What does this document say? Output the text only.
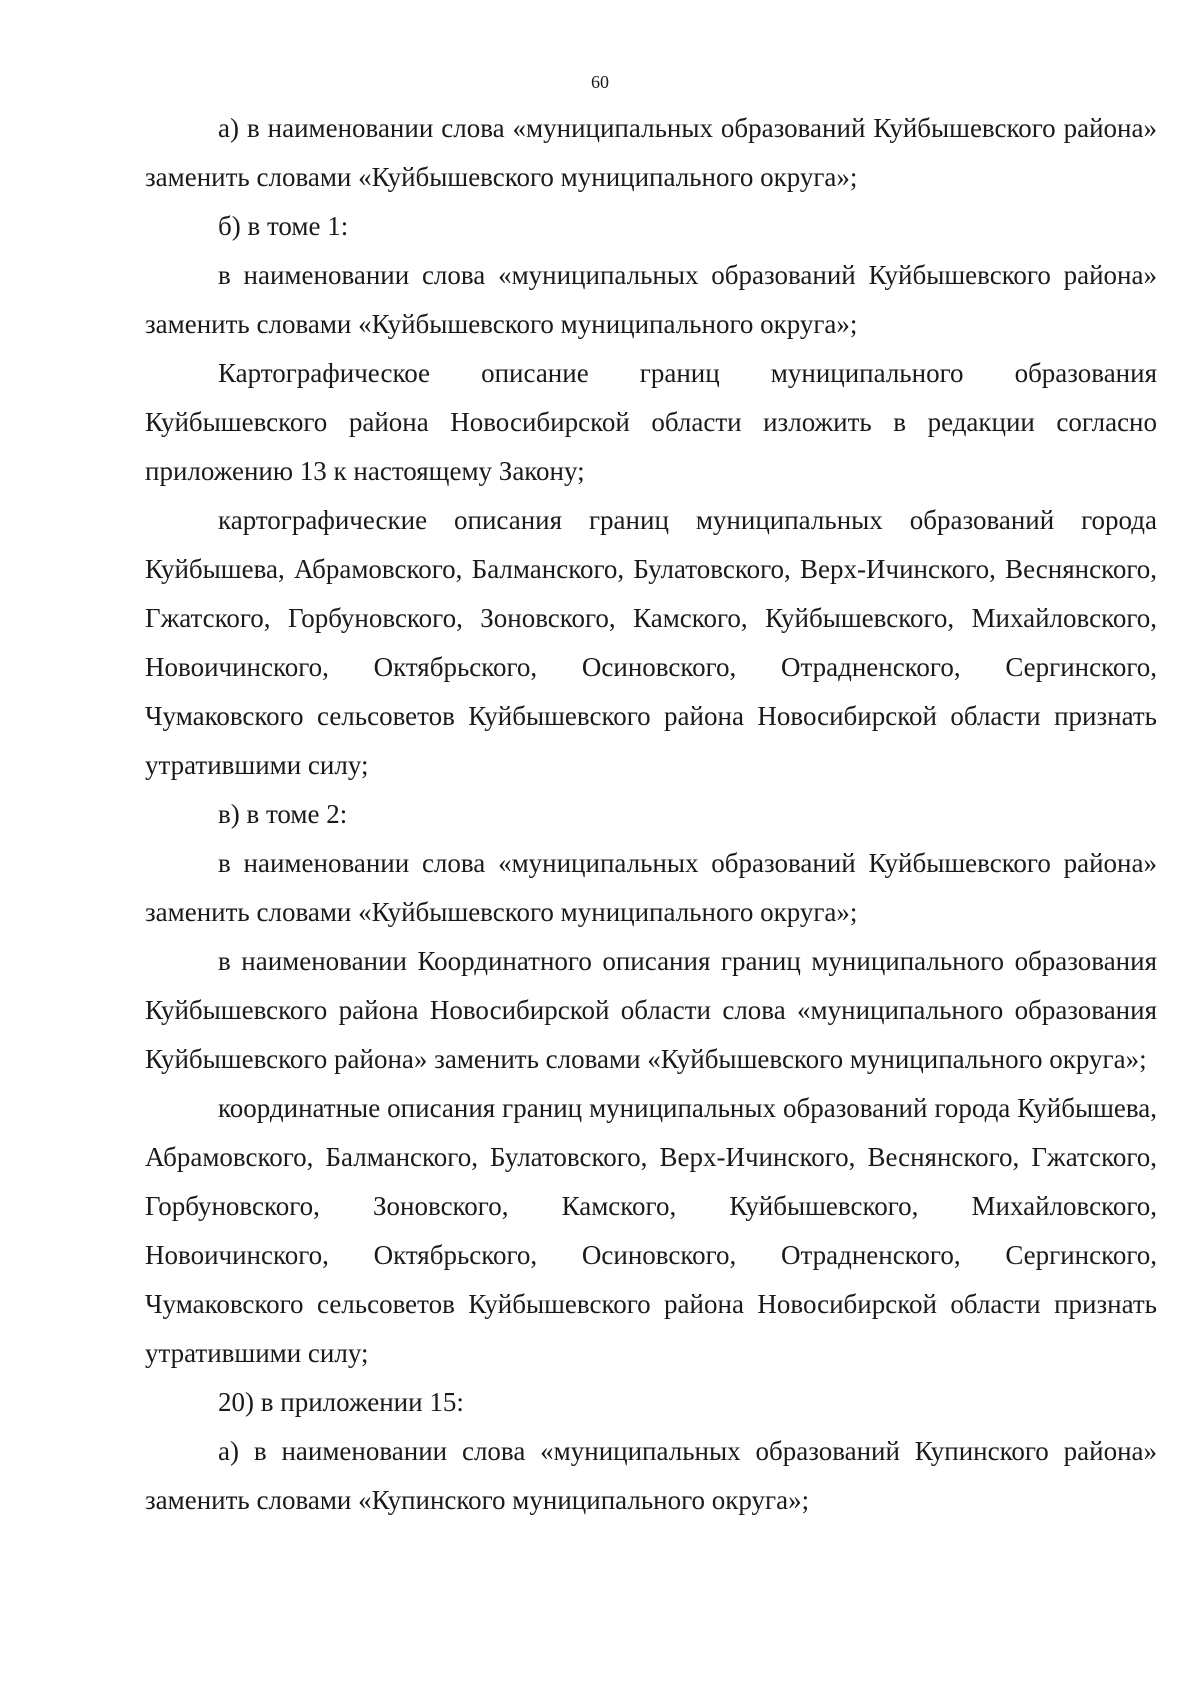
60

а) в наименовании слова «муниципальных образований Куйбышевского района» заменить словами «Куйбышевского муниципального округа»;

б) в томе 1:

в наименовании слова «муниципальных образований Куйбышевского района» заменить словами «Куйбышевского муниципального округа»;

Картографическое описание границ муниципального образования Куйбышевского района Новосибирской области изложить в редакции согласно приложению 13 к настоящему Закону;

картографические описания границ муниципальных образований города Куйбышева, Абрамовского, Балманского, Булатовского, Верх-Ичинского, Веснянского, Гжатского, Горбуновского, Зоновского, Камского, Куйбышевского, Михайловского, Новоичинского, Октябрьского, Осиновского, Отрадненского, Сергинского, Чумаковского сельсоветов Куйбышевского района Новосибирской области признать утратившими силу;

в) в томе 2:

в наименовании слова «муниципальных образований Куйбышевского района» заменить словами «Куйбышевского муниципального округа»;

в наименовании Координатного описания границ муниципального образования Куйбышевского района Новосибирской области слова «муниципального образования Куйбышевского района» заменить словами «Куйбышевского муниципального округа»;

координатные описания границ муниципальных образований города Куйбышева, Абрамовского, Балманского, Булатовского, Верх-Ичинского, Веснянского, Гжатского, Горбуновского, Зоновского, Камского, Куйбышевского, Михайловского, Новоичинского, Октябрьского, Осиновского, Отрадненского, Сергинского, Чумаковского сельсоветов Куйбышевского района Новосибирской области признать утратившими силу;

20) в приложении 15:

а) в наименовании слова «муниципальных образований Купинского района» заменить словами «Купинского муниципального округа»;
